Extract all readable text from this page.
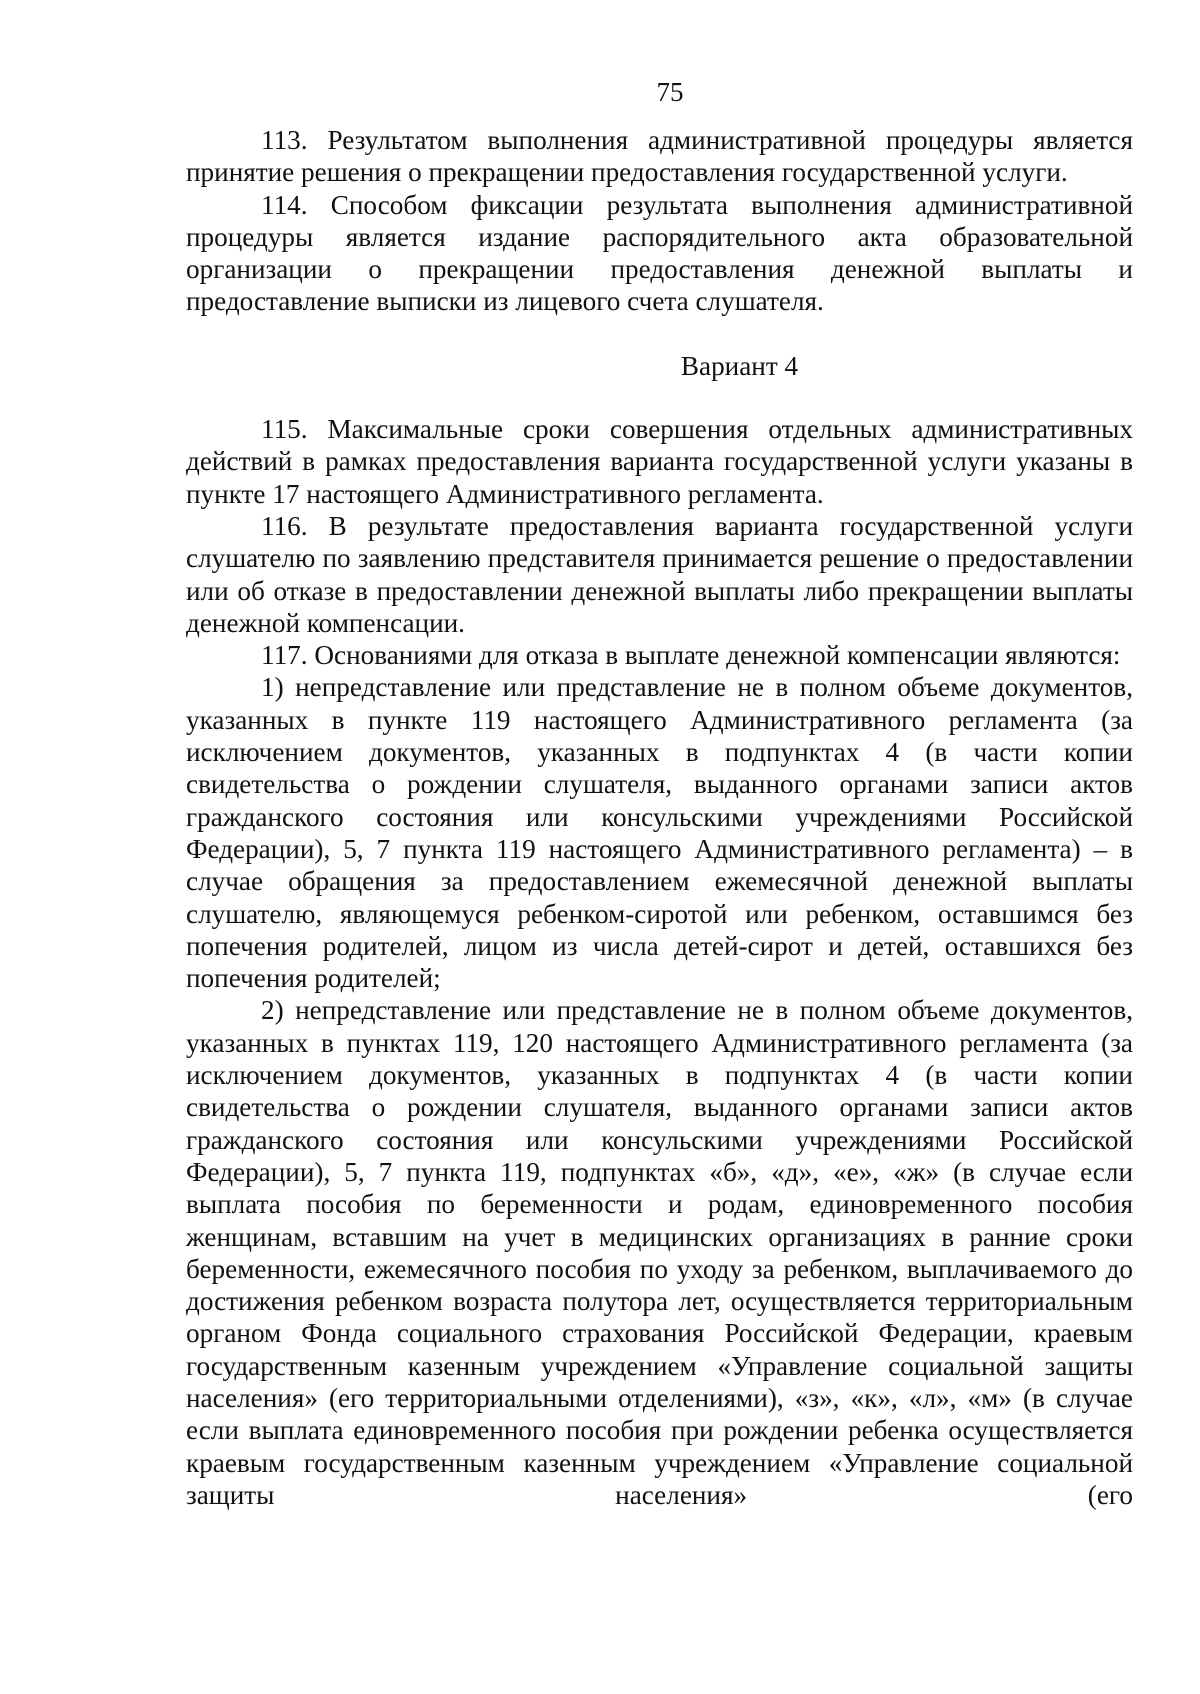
75

113. Результатом выполнения административной процедуры является принятие решения о прекращении предоставления государственной услуги.

114. Способом фиксации результата выполнения административной процедуры является издание распорядительного акта образовательной организации о прекращении предоставления денежной выплаты и предоставление выписки из лицевого счета слушателя.

Вариант 4

115. Максимальные сроки совершения отдельных административных действий в рамках предоставления варианта государственной услуги указаны в пункте 17 настоящего Административного регламента.

116. В результате предоставления варианта государственной услуги слушателю по заявлению представителя принимается решение о предоставлении или об отказе в предоставлении денежной выплаты либо прекращении выплаты денежной компенсации.

117. Основаниями для отказа в выплате денежной компенсации являются:

1) непредставление или представление не в полном объеме документов, указанных в пункте 119 настоящего Административного регламента (за исключением документов, указанных в подпунктах 4 (в части копии свидетельства о рождении слушателя, выданного органами записи актов гражданского состояния или консульскими учреждениями Российской Федерации), 5, 7 пункта 119 настоящего Административного регламента) – в случае обращения за предоставлением ежемесячной денежной выплаты слушателю, являющемуся ребенком-сиротой или ребенком, оставшимся без попечения родителей, лицом из числа детей-сирот и детей, оставшихся без попечения родителей;

2) непредставление или представление не в полном объеме документов, указанных в пунктах 119, 120 настоящего Административного регламента (за исключением документов, указанных в подпунктах 4 (в части копии свидетельства о рождении слушателя, выданного органами записи актов гражданского состояния или консульскими учреждениями Российской Федерации), 5, 7 пункта 119, подпунктах «б», «д», «е», «ж» (в случае если выплата пособия по беременности и родам, единовременного пособия женщинам, вставшим на учет в медицинских организациях в ранние сроки беременности, ежемесячного пособия по уходу за ребенком, выплачиваемого до достижения ребенком возраста полутора лет, осуществляется территориальным органом Фонда социального страхования Российской Федерации, краевым государственным казенным учреждением «Управление социальной защиты населения» (его территориальными отделениями), «з», «к», «л», «м» (в случае если выплата единовременного пособия при рождении ребенка осуществляется краевым государственным казенным учреждением «Управление социальной защиты населения» (его
